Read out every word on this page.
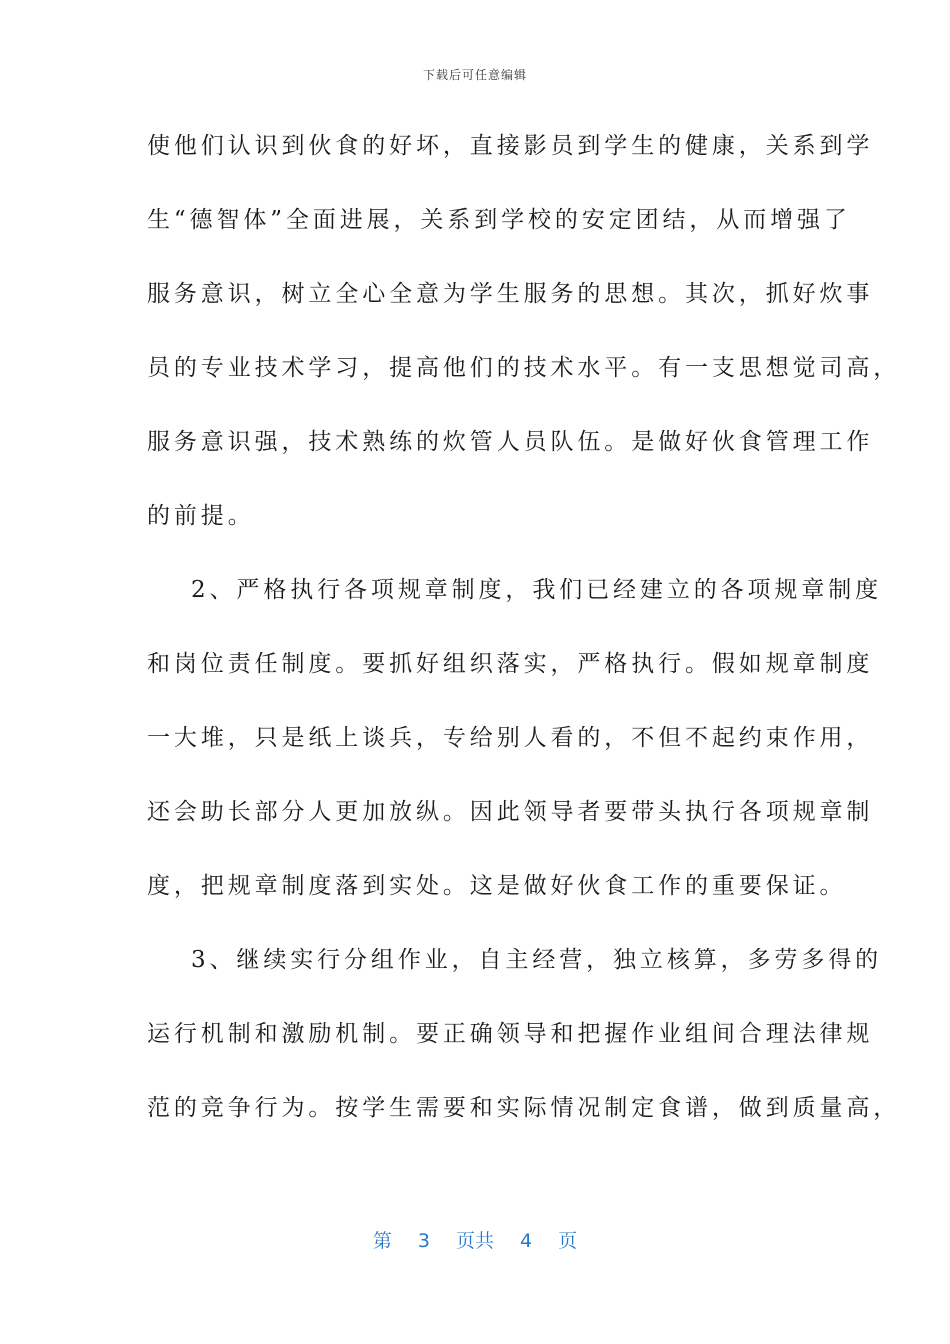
下载后可任意编辑
使他们认识到伙食的好坏，直接影员到学生的健康，关系到学
生“德智体”全面进展，关系到学校的安定团结，从而增强了
服务意识，树立全心全意为学生服务的思想。其次，抓好炊事
员的专业技术学习，提高他们的技术水平。有一支思想觉司高，
服务意识强，技术熟练的炊管人员队伍。是做好伙食管理工作
的前提。
2、严格执行各项规章制度，我们已经建立的各项规章制度
和岗位责任制度。要抓好组织落实，严格执行。假如规章制度
一大堆，只是纸上谈兵，专给别人看的，不但不起约束作用，
还会助长部分人更加放纵。因此领导者要带头执行各项规章制
度，把规章制度落到实处。这是做好伙食工作的重要保证。
3、继续实行分组作业，自主经营，独立核算，多劳多得的
运行机制和激励机制。要正确领导和把握作业组间合理法律规
范的竞争行为。按学生需要和实际情况制定食谱，做到质量高，
第 3 页共 4 页
